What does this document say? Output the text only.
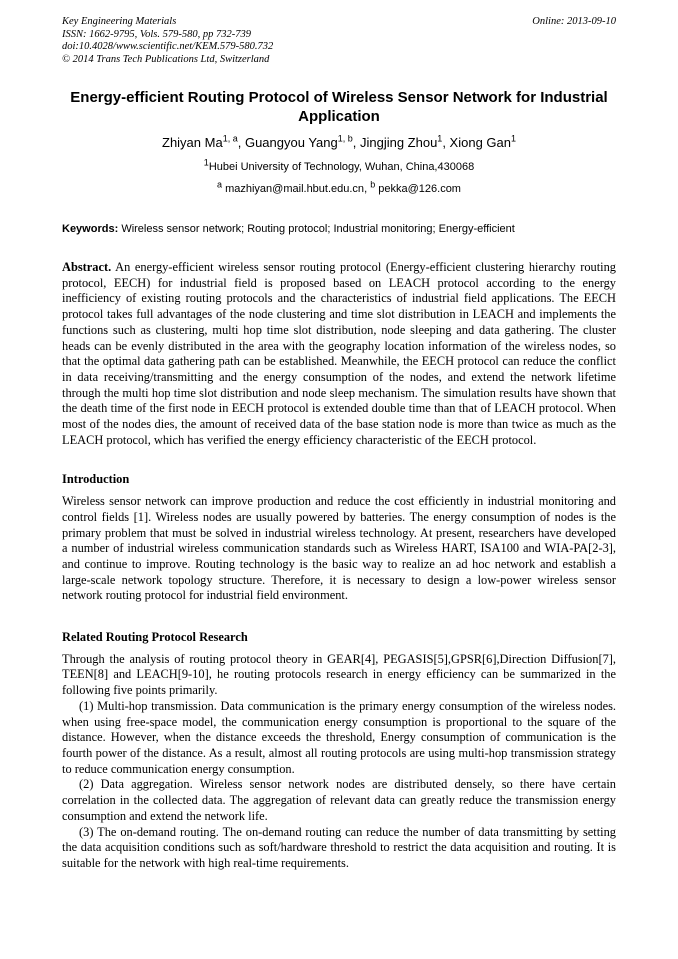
Key Engineering Materials
ISSN: 1662-9795, Vols. 579-580, pp 732-739
doi:10.4028/www.scientific.net/KEM.579-580.732
© 2014 Trans Tech Publications Ltd, Switzerland
Online: 2013-09-10
Energy-efficient Routing Protocol of Wireless Sensor Network for Industrial Application
Zhiyan Ma$^{1, a}$, Guangyou Yang$^{1, b}$, Jingjing Zhou$^1$, Xiong Gan$^1$
$^1$Hubei University of Technology, Wuhan, China,430068
$^a$ mazhiyan@mail.hbut.edu.cn, $^b$ pekka@126.com
Keywords: Wireless sensor network; Routing protocol; Industrial monitoring; Energy-efficient

Abstract. An energy-efficient wireless sensor routing protocol (Energy-efficient clustering hierarchy routing protocol, EECH) for industrial field is proposed based on LEACH protocol according to the energy inefficiency of existing routing protocols and the characteristics of industrial field applications. The EECH protocol takes full advantages of the node clustering and time slot distribution in LEACH and implements the functions such as clustering, multi hop time slot distribution, node sleeping and data gathering. The cluster heads can be evenly distributed in the area with the geography location information of the wireless nodes, so that the optimal data gathering path can be established. Meanwhile, the EECH protocol can reduce the conflict in data receiving/transmitting and the energy consumption of the nodes, and extend the network lifetime through the multi hop time slot distribution and node sleep mechanism. The simulation results have shown that the death time of the first node in EECH protocol is extended double time than that of LEACH protocol. When most of the nodes dies, the amount of received data of the base station node is more than twice as much as the LEACH protocol, which has verified the energy efficiency characteristic of the EECH protocol.

Introduction

Wireless sensor network can improve production and reduce the cost efficiently in industrial monitoring and control fields [1]. Wireless nodes are usually powered by batteries. The energy consumption of nodes is the primary problem that must be solved in industrial wireless technology. At present, researchers have developed a number of industrial wireless communication standards such as Wireless HART, ISA100 and WIA-PA[2-3], and continue to improve. Routing technology is the basic way to realize an ad hoc network and establish a large-scale network topology structure. Therefore, it is necessary to design a low-power wireless sensor network routing protocol for industrial field environment.

Related Routing Protocol Research

Through the analysis of routing protocol theory in GEAR[4], PEGASIS[5],GPSR[6],Direction Diffusion[7], TEEN[8] and LEACH[9-10], he routing protocols research in energy efficiency can be summarized in the following five points primarily.

(1) Multi-hop transmission. Data communication is the primary energy consumption of the wireless nodes. when using free-space model, the communication energy consumption is proportional to the square of the distance. However, when the distance exceeds the threshold, Energy consumption of communication is the fourth power of the distance. As a result, almost all routing protocols are using multi-hop transmission strategy to reduce communication energy consumption.

(2) Data aggregation. Wireless sensor network nodes are distributed densely, so there have certain correlation in the collected data. The aggregation of relevant data can greatly reduce the transmission energy consumption and extend the network life.

(3) The on-demand routing. The on-demand routing can reduce the number of data transmitting by setting the data acquisition conditions such as soft/hardware threshold to restrict the data acquisition and routing. It is suitable for the network with high real-time requirements.
